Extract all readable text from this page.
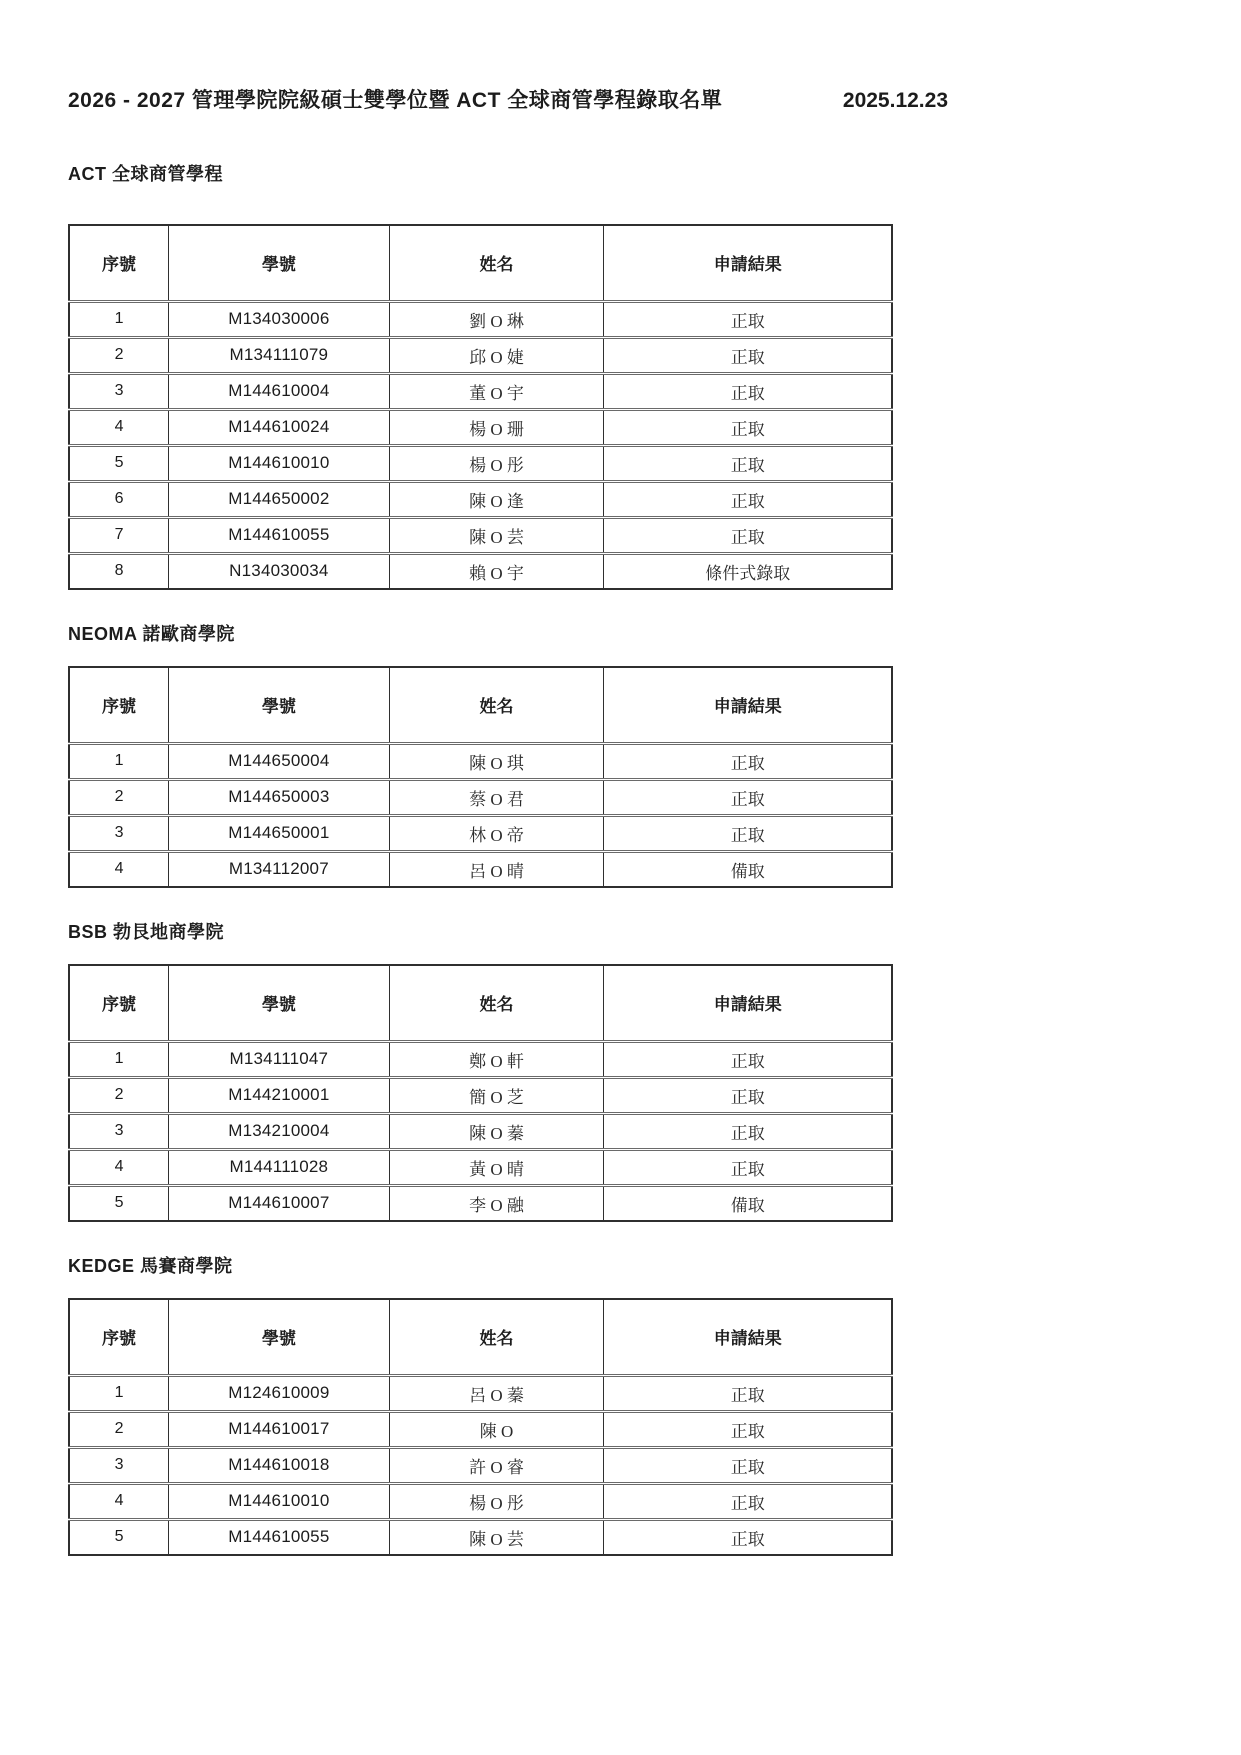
2026 - 2027 管理學院院級碩士雙學位暨 ACT 全球商管學程錄取名單	2025.12.23
ACT 全球商管學程
序號	學號	姓名	申請結果
1	M134030006	劉 O 琳	正取
2	M134111079	邱 O 婕	正取
3	M144610004	董 O 宇	正取
4	M144610024	楊 O 珊	正取
5	M144610010	楊 O 彤	正取
6	M144650002	陳 O 逢	正取
7	M144610055	陳 O 芸	正取
8	N134030034	賴 O 宇	條件式錄取
NEOMA 諾歐商學院
序號	學號	姓名	申請結果
1	M144650004	陳 O 琪	正取
2	M144650003	蔡 O 君	正取
3	M144650001	林 O 帝	正取
4	M134112007	呂 O 晴	備取
BSB 勃艮地商學院
序號	學號	姓名	申請結果
1	M134111047	鄭 O 軒	正取
2	M144210001	簡 O 芝	正取
3	M134210004	陳 O 蓁	正取
4	M144111028	黃 O 晴	正取
5	M144610007	李 O 融	備取
KEDGE 馬賽商學院
序號	學號	姓名	申請結果
1	M124610009	呂 O 蓁	正取
2	M144610017	陳 O	正取
3	M144610018	許 O 睿	正取
4	M144610010	楊 O 彤	正取
5	M144610055	陳 O 芸	正取
